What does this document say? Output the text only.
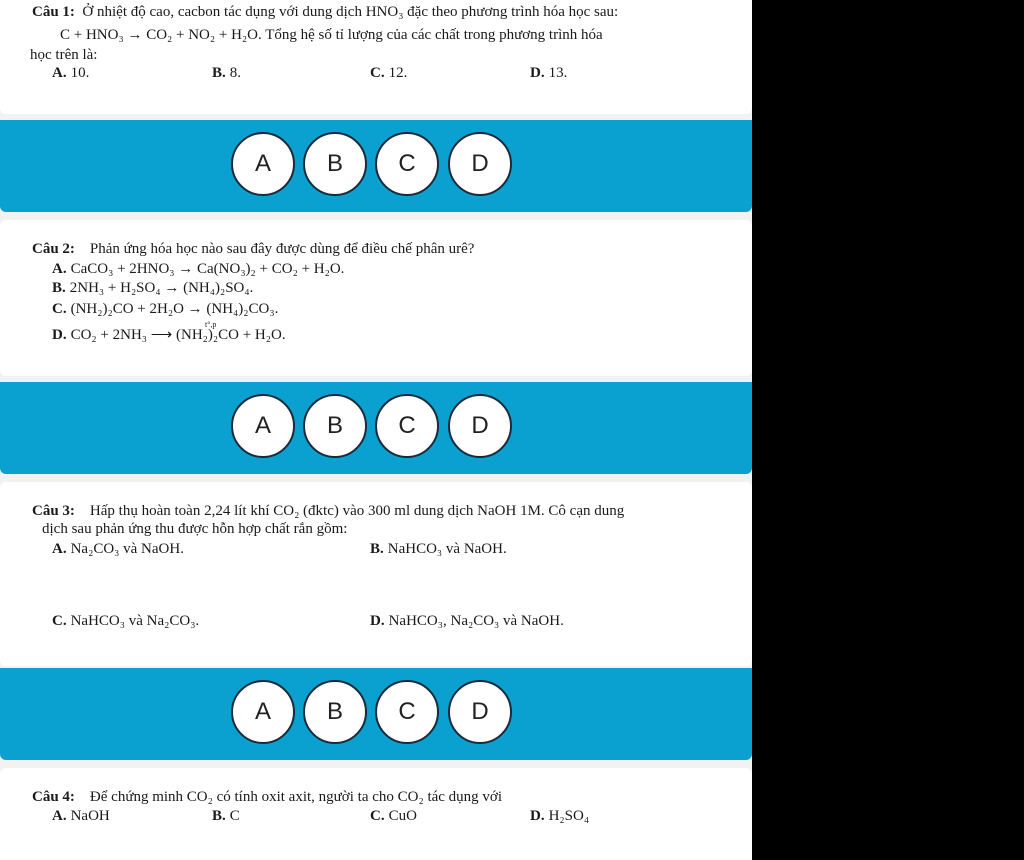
Câu 1: Ở nhiệt độ cao, cacbon tác dụng với dung dịch HNO₃ đặc theo phương trình hóa học sau:
C + HNO₃ → CO₂ + NO₂ + H₂O. Tổng hệ số tỉ lượng của các chất trong phương trình hóa
học trên là:
A. 10.	B. 8.	C. 12.	D. 13.
A	B	C	D
Câu 2: Phản ứng hóa học nào sau đây được dùng để điều chế phân urê?
A. CaCO₃ + 2HNO₃ → Ca(NO₃)₂ + CO₂ + H₂O.
B. 2NH₃ + H₂SO₄ → (NH₄)₂SO₄.
C. (NH₂)₂CO + 2H₂O → (NH₄)₂CO₃.
D. CO₂ + 2NH₃ ⟶ (NH₂)₂CO + H₂O.
t°,p
A	B	C	D
Câu 3: Hấp thụ hoàn toàn 2,24 lít khí CO₂ (đktc) vào 300 ml dung dịch NaOH 1M. Cô cạn dung
dịch sau phản ứng thu được hỗn hợp chất rắn gồm:
A. Na₂CO₃ và NaOH.	B. NaHCO₃ và NaOH.
C. NaHCO₃ và Na₂CO₃.	D. NaHCO₃, Na₂CO₃ và NaOH.
A	B	C	D
Câu 4: Để chứng minh CO₂ có tính oxit axit, người ta cho CO₂ tác dụng với
A. NaOH	B. C	C. CuO	D. H₂SO₄
